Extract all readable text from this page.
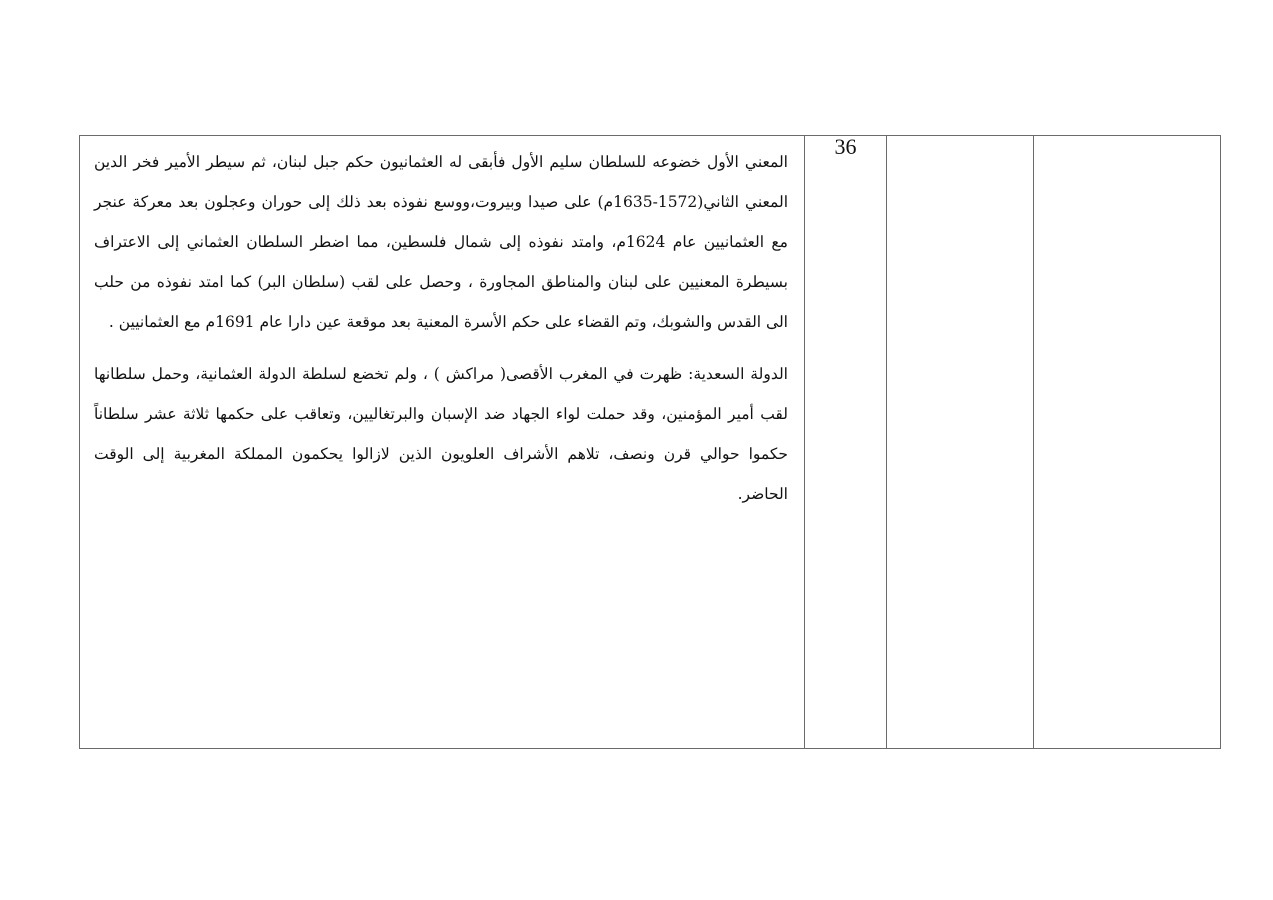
المعني الأول خضوعه للسلطان سليم الأول فأبقى له العثمانيون حكم جبل لبنان، ثم سيطر الأمير فخر الدين المعني الثاني(1572-1635م) على صيدا وبيروت،ووسع نفوذه بعد ذلك إلى حوران وعجلون بعد معركة عنجر مع العثمانيين عام 1624م، وامتد نفوذه إلى شمال فلسطين، مما اضطر السلطان العثماني إلى الاعتراف بسيطرة المعنيين على لبنان والمناطق المجاورة ، وحصل على لقب (سلطان البر) كما امتد نفوذه من حلب الى القدس والشوبك، وتم القضاء على حكم الأسرة المعنية بعد موقعة عين دارا عام 1691م مع العثمانيين .

الدولة السعدية: ظهرت في المغرب الأقصى( مراكش ) ، ولم تخضع لسلطة الدولة العثمانية، وحمل سلطانها لقب أمير المؤمنين، وقد حملت لواء الجهاد ضد الإسبان والبرتغاليين، وتعاقب على حكمها ثلاثة عشر سلطاناً حكموا حوالي قرن ونصف، تلاهم الأشراف العلويون الذين لازالوا يحكمون المملكة المغربية إلى الوقت الحاضر.

	36		
